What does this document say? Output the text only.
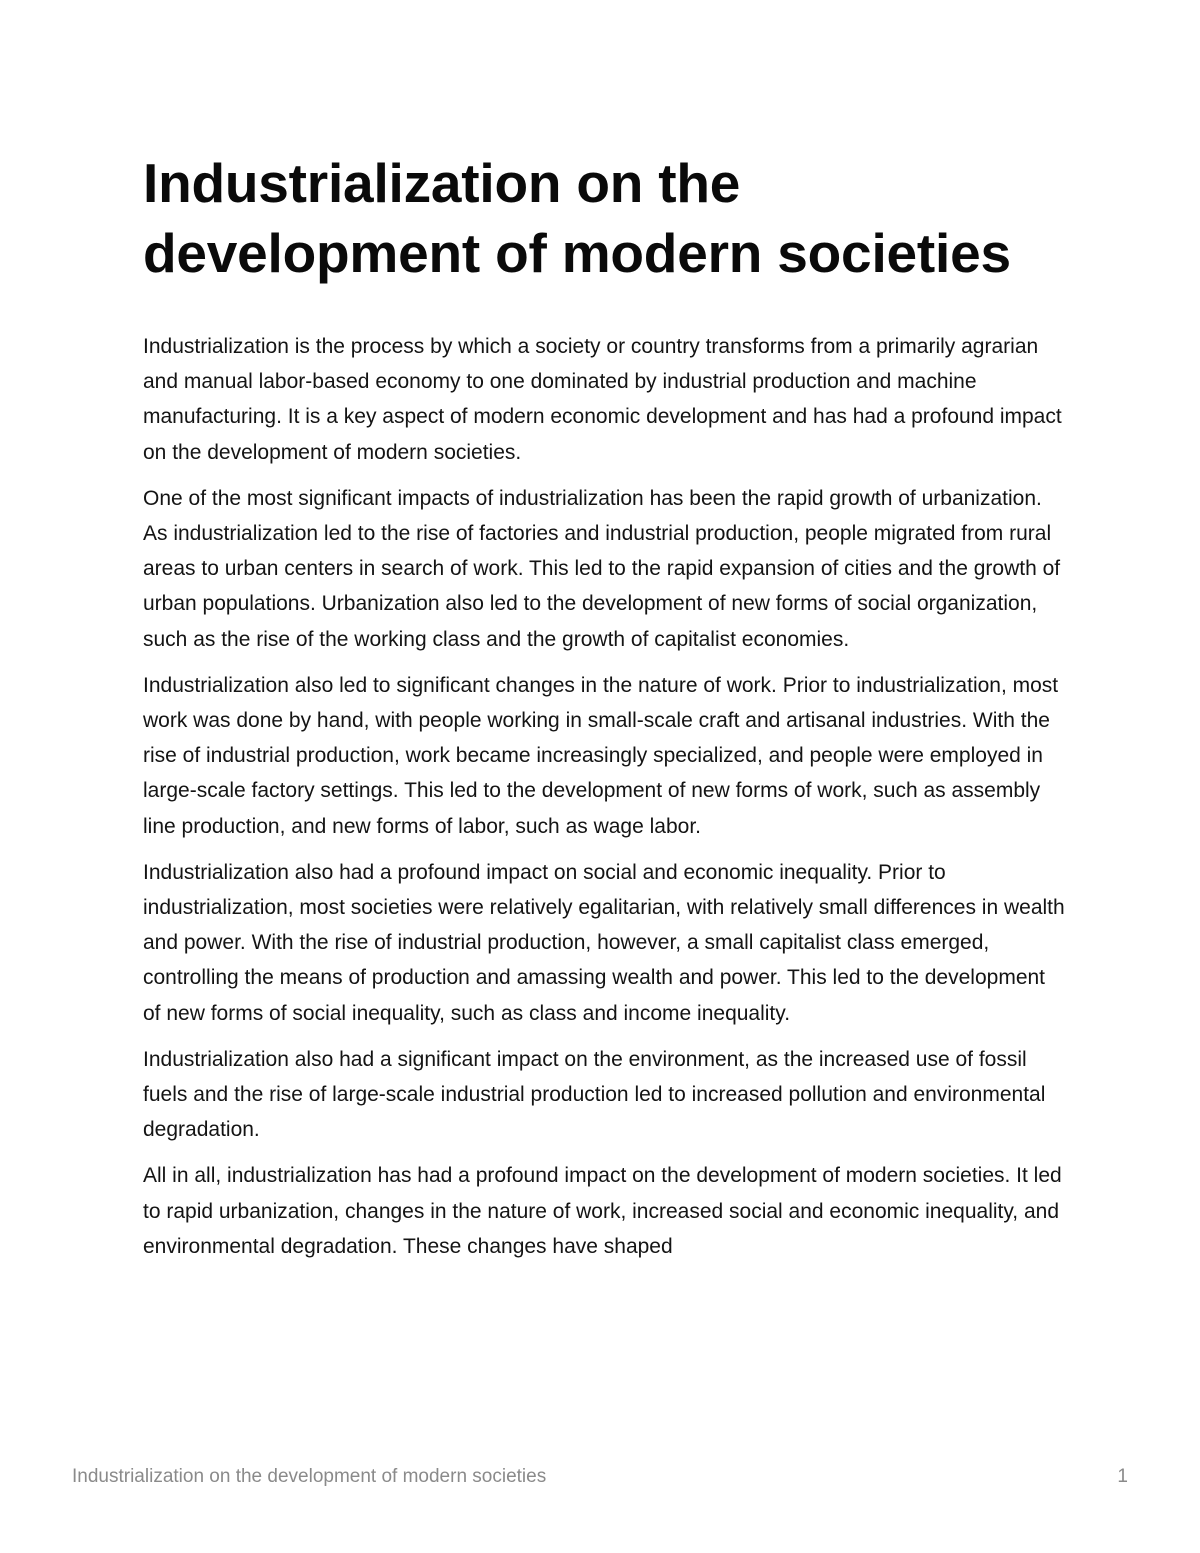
Industrialization on the development of modern societies

Industrialization is the process by which a society or country transforms from a primarily agrarian and manual labor-based economy to one dominated by industrial production and machine manufacturing. It is a key aspect of modern economic development and has had a profound impact on the development of modern societies.

One of the most significant impacts of industrialization has been the rapid growth of urbanization. As industrialization led to the rise of factories and industrial production, people migrated from rural areas to urban centers in search of work. This led to the rapid expansion of cities and the growth of urban populations. Urbanization also led to the development of new forms of social organization, such as the rise of the working class and the growth of capitalist economies.

Industrialization also led to significant changes in the nature of work. Prior to industrialization, most work was done by hand, with people working in small-scale craft and artisanal industries. With the rise of industrial production, work became increasingly specialized, and people were employed in large-scale factory settings. This led to the development of new forms of work, such as assembly line production, and new forms of labor, such as wage labor.

Industrialization also had a profound impact on social and economic inequality. Prior to industrialization, most societies were relatively egalitarian, with relatively small differences in wealth and power. With the rise of industrial production, however, a small capitalist class emerged, controlling the means of production and amassing wealth and power. This led to the development of new forms of social inequality, such as class and income inequality.

Industrialization also had a significant impact on the environment, as the increased use of fossil fuels and the rise of large-scale industrial production led to increased pollution and environmental degradation.

All in all, industrialization has had a profound impact on the development of modern societies. It led to rapid urbanization, changes in the nature of work, increased social and economic inequality, and environmental degradation. These changes have shaped

Industrialization on the development of modern societies	1
